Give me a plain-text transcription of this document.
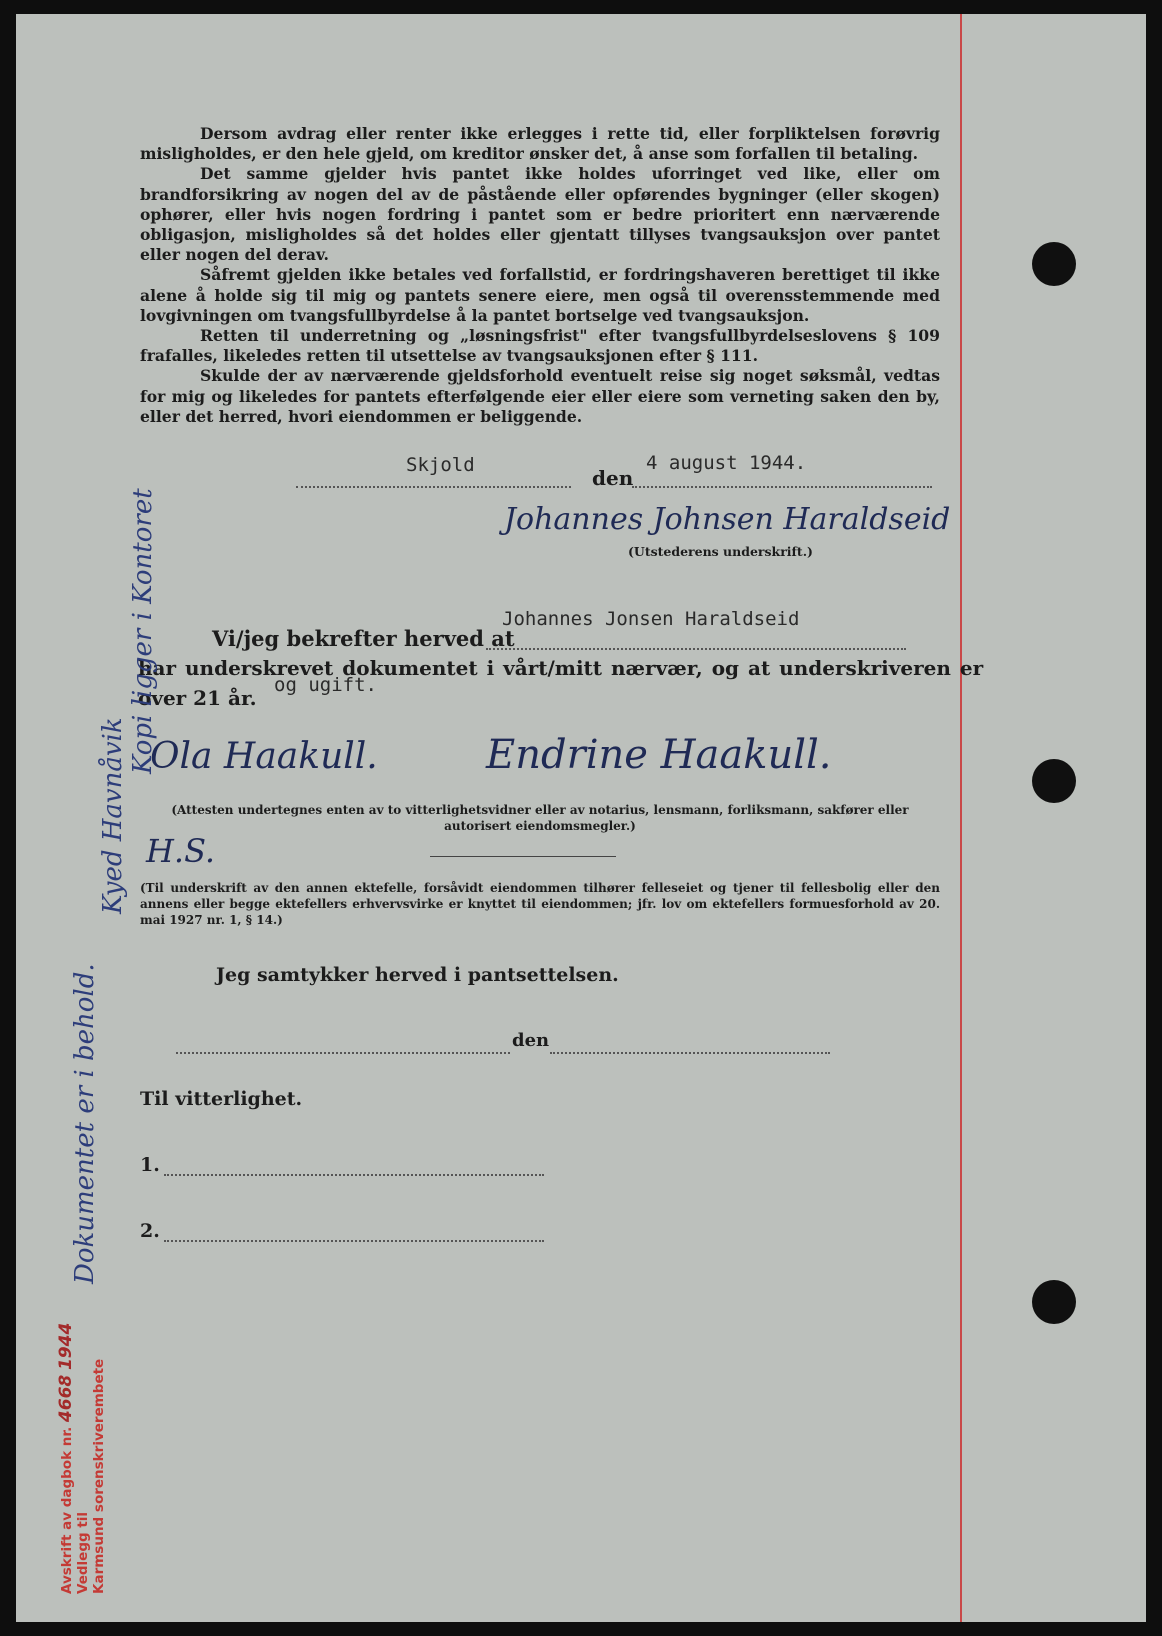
Dersom avdrag eller renter ikke erlegges i rette tid, eller forpliktelsen forøvrig misligholdes, er den hele gjeld, om kreditor ønsker det, å anse som forfallen til betaling.

Det samme gjelder hvis pantet ikke holdes uforringet ved like, eller om brandforsikring av nogen del av de påstående eller opførendes bygninger (eller skogen) ophører, eller hvis nogen fordring i pantet som er bedre prioritert enn nærværende obligasjon, misligholdes så det holdes eller gjentatt tillyses tvangsauksjon over pantet eller nogen del derav.

Såfremt gjelden ikke betales ved forfallstid, er fordringshaveren berettiget til ikke alene å holde sig til mig og pantets senere eiere, men også til overensstemmende med lovgivningen om tvangsfullbyrdelse å la pantet bortselge ved tvangsauksjon.

Retten til underretning og „løsningsfrist" efter tvangsfullbyrdelseslovens § 109 frafalles, likeledes retten til utsettelse av tvangsauksjonen efter § 111.

Skulde der av nærværende gjeldsforhold eventuelt reise sig noget søksmål, vedtas for mig og likeledes for pantets efterfølgende eier eller eiere som verneting saken den by, eller det herred, hvori eiendommen er beliggende.

Skjold
den
4 august 1944.
Johannes Johnsen Haraldseid
(Utstederens underskrift.)
Vi/jeg bekrefter herved at
Johannes Jonsen Haraldseid
har underskrevet dokumentet i vårt/mitt nærvær, og at underskriveren er
over 21 år.
og ugift.
Ola Haakull.	Endrine Haakull.
(Attesten undertegnes enten av to vitterlighetsvidner eller av notarius, lensmann, forliksmann, sakfører eller autorisert eiendomsmegler.)
H.S.
(Til underskrift av den annen ektefelle, forsåvidt eiendommen tilhører felleseiet og tjener til fellesbolig eller den annens eller begge ektefellers erhvervsvirke er knyttet til eiendommen; jfr. lov om ektefellers formuesforhold av 20. mai 1927 nr. 1, § 14.)
Jeg samtykker herved i pantsettelsen.
den
Til vitterlighet.
1.
2.
Dokumentet er i behold.
Kyed Havnåvik
Kopi ligger i Kontoret
Avskrift av dagbok nr. 4668 1944
Vedlegg til Karmsund sorenskriverembete
